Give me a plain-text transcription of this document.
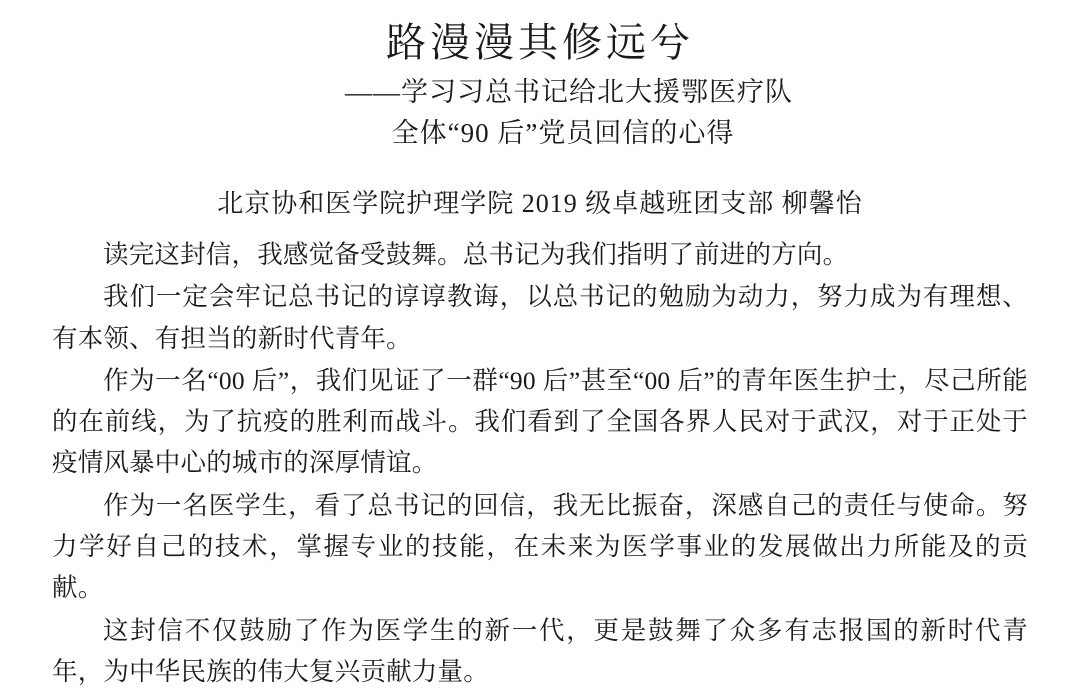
路漫漫其修远兮
——学习习总书记给北大援鄂医疗队
全体“90 后”党员回信的心得
北京协和医学院护理学院 2019 级卓越班团支部 柳馨怡

读完这封信，我感觉备受鼓舞。总书记为我们指明了前进的方向。

我们一定会牢记总书记的谆谆教诲，以总书记的勉励为动力，努力成为有理想、有本领、有担当的新时代青年。

作为一名“00 后”，我们见证了一群“90 后”甚至“00 后”的青年医生护士，尽己所能的在前线，为了抗疫的胜利而战斗。我们看到了全国各界人民对于武汉，对于正处于疫情风暴中心的城市的深厚情谊。

作为一名医学生，看了总书记的回信，我无比振奋，深感自己的责任与使命。努力学好自己的技术，掌握专业的技能，在未来为医学事业的发展做出力所能及的贡献。

这封信不仅鼓励了作为医学生的新一代，更是鼓舞了众多有志报国的新时代青年，为中华民族的伟大复兴贡献力量。
